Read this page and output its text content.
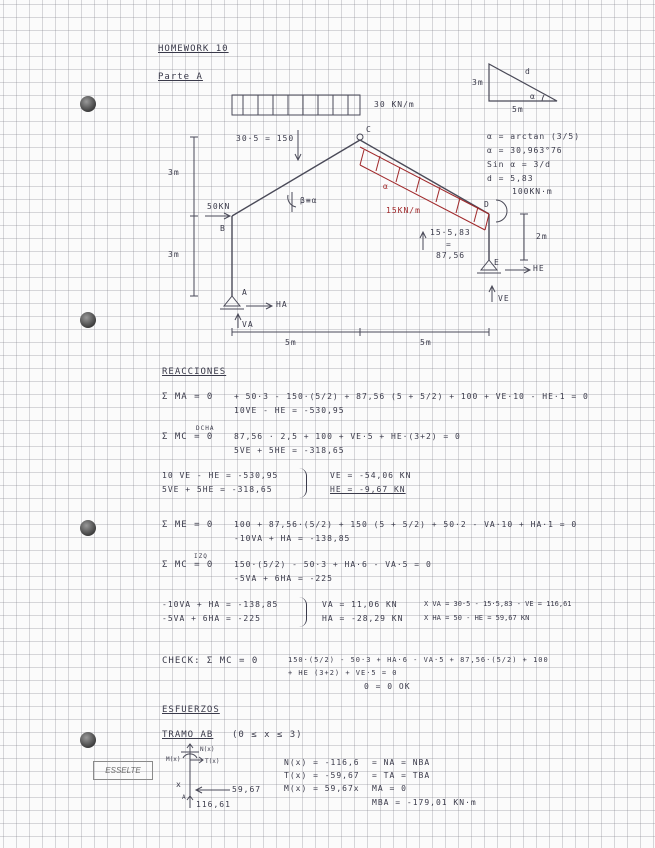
HOMEWORK 10
Parte A
3m
d
5m
α
α = arctan (3/5)
α = 30,963°76
Sin α = 3/d
d = 5,83
30 KN/m
30·5 = 150
C
15KN/m
15·5,83
=
87,56
100KN·m
D
50KN
B
β≡α
α
3m
3m
2m
A
E
HA
VA
HE
VE
5m	5m
REACCIONES
Σ MA = 0	+ 50·3 - 150·(5/2) + 87,56 (5 + 5/2) + 100 + VE·10 - HE·1 = 0
10VE - HE = -530,95
DCHA
Σ MC = 0	87,56 · 2,5 + 100 + VE·5 + HE·(3+2) = 0
5VE + 5HE = -318,65
10 VE - HE = -530,95
5VE + 5HE = -318,65
VE = -54,06 KN
HE = -9,67 KN
Σ ME = 0	100 + 87,56·(5/2) + 150 (5 + 5/2) + 50·2 - VA·10 + HA·1 = 0
-10VA + HA = -138,85
IZQ
Σ MC = 0	150·(5/2) - 50·3 + HA·6 - VA·5 = 0
-5VA + 6HA = -225
-10VA + HA = -138,85
-5VA + 6HA = -225
VA = 11,06 KN
HA = -28,29 KN
X VA = 30·5 - 15·5,83 - VE = 116,61
X HA = 50 - HE = 59,67 KN
CHECK: Σ MC = 0	150·(5/2) - 50·3 + HA·6 - VA·5 + 87,56·(5/2) + 100
+ HE (3+2) + VE·5 = 0
0 = 0 OK
ESFUERZOS
TRAMO AB (0 ≤ x ≤ 3)
N(x)
T(x)
M(x)
x
A
59,67
116,61
ESSELTE
N(x) = -116,6 = NA = NBA
T(x) = -59,67 = TA = TBA
M(x) = 59,67x MA = 0
MBA = -179,01 KN·m
